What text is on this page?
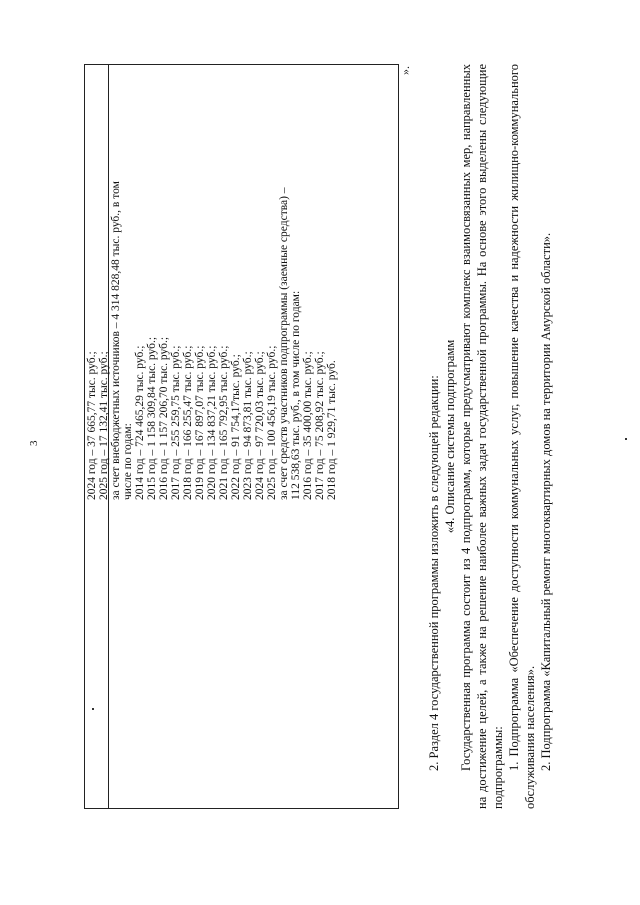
3	2024 год – 37 665,77 тыс. руб.; 2025 год – 17 132,41 тыс. руб.; за счет внебюджетных источников – 4 314 828,48 тыс. руб., в том числе по годам: 2014 год – 724 465,29 тыс. руб.; 2015 год – 1 158 309,84 тыс. руб.; 2016 год – 1 157 206,70 тыс. руб.; 2017 год – 255 259,75 тыс. руб.; 2018 год – 166 255,47 тыс. руб.; 2019 год – 167 897,07 тыс. руб.; 2020 год – 134 837,21 тыс. руб.; 2021 год – 165 792,95 тыс. руб.; 2022 год – 91 754,17тыс. руб.; 2023 год – 94 873,81 тыс. руб.; 2024 год – 97 720,03 тыс. руб.; 2025 год – 100 456,19 тыс. руб.; за счет средств участников подпрограммы (заемные средства) – 112 538,63 тыс. руб., в том числе по годам: 2016 год – 35 400,00 тыс. руб.; 2017 год – 75 208,92 тыс. руб.; 2018 год – 1 929,71 тыс. руб.
».

2. Раздел 4 государственной программы изложить в следующей редакции: «4. Описание системы подпрограмм Государственная программа состоит из 4 подпрограмм, которые предусматривают комплекс взаимосвязанных мер, направленных на достижение целей, а также на решение наиболее важных задач государственной программы. На основе этого выделены следующие подпрограммы: 1. Подпрограмма «Обеспечение доступности коммунальных услуг, повышение качества и надежности жилищно-коммунального обслуживания населения». 2. Подпрограмма «Капитальный ремонт многоквартирных домов на территории Амурской области».
